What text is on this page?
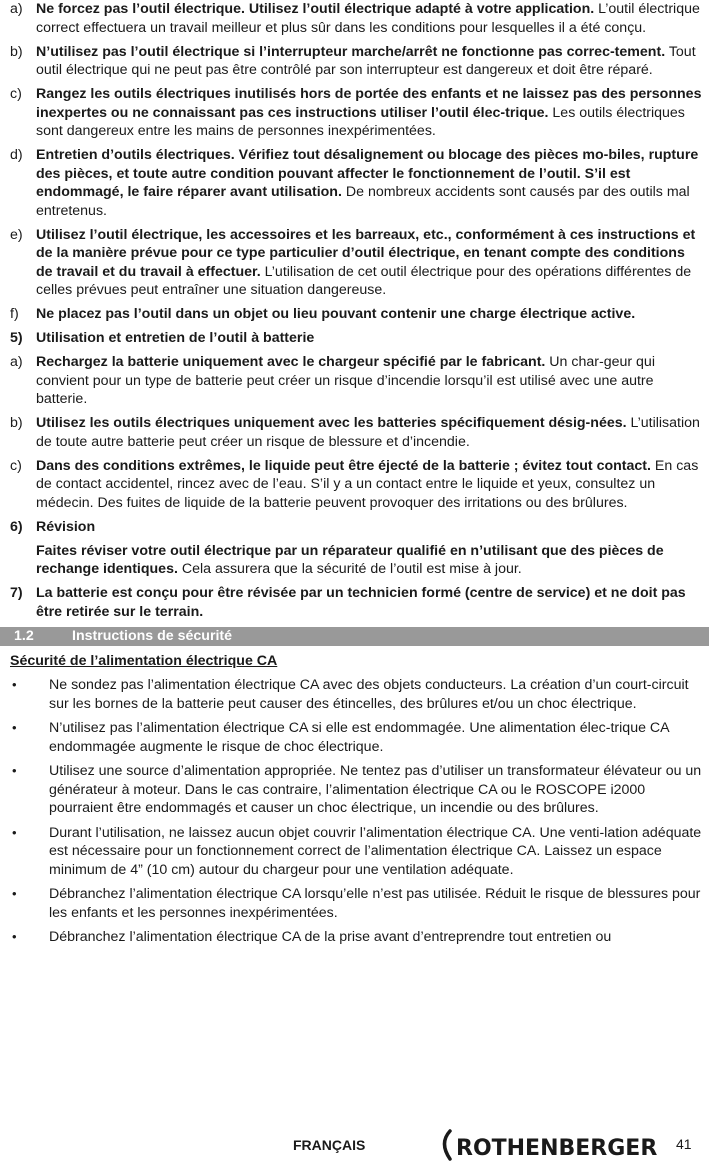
a) Ne forcez pas l’outil électrique. Utilisez l’outil électrique adapté à votre application. L’outil électrique correct effectuera un travail meilleur et plus sûr dans les conditions pour lesquelles il a été conçu.
b) N’utilisez pas l’outil électrique si l’interrupteur marche/arrêt ne fonctionne pas correc-tement. Tout outil électrique qui ne peut pas être contrôlé par son interrupteur est dangereux et doit être réparé.
c) Rangez les outils électriques inutilisés hors de portée des enfants et ne laissez pas des personnes inexpertes ou ne connaissant pas ces instructions utiliser l’outil élec-trique. Les outils électriques sont dangereux entre les mains de personnes inexpérimentées.
d) Entretien d’outils électriques. Vérifiez tout désalignement ou blocage des pièces mo-biles, rupture des pièces, et toute autre condition pouvant affecter le fonctionnement de l’outil. S’il est endommagé, le faire réparer avant utilisation. De nombreux accidents sont causés par des outils mal entretenus.
e) Utilisez l’outil électrique, les accessoires et les barreaux, etc., conformément à ces instructions et de la manière prévue pour ce type particulier d’outil électrique, en tenant compte des conditions de travail et du travail à effectuer. L’utilisation de cet outil électrique pour des opérations différentes de celles prévues peut entraîner une situation dangereuse.
f) Ne placez pas l’outil dans un objet ou lieu pouvant contenir une charge électrique active.
5) Utilisation et entretien de l’outil à batterie
a) Rechargez la batterie uniquement avec le chargeur spécifié par le fabricant. Un char-geur qui convient pour un type de batterie peut créer un risque d’incendie lorsqu’il est utilisé avec une autre batterie.
b) Utilisez les outils électriques uniquement avec les batteries spécifiquement désig-nées. L’utilisation de toute autre batterie peut créer un risque de blessure et d’incendie.
c) Dans des conditions extrêmes, le liquide peut être éjecté de la batterie ; évitez tout contact. En cas de contact accidentel, rincez avec de l’eau. S’il y a un contact entre le liquide et yeux, consultez un médecin. Des fuites de liquide de la batterie peuvent provoquer des irritations ou des brûlures.
6) Révision
Faites réviser votre outil électrique par un réparateur qualifié en n’utilisant que des pièces de rechange identiques. Cela assurera que la sécurité de l’outil est mise à jour.
7) La batterie est conçu pour être révisée par un technicien formé (centre de service) et ne doit pas être retirée sur le terrain.
1.2	Instructions de sécurité
Sécurité de l’alimentation électrique CA
• Ne sondez pas l’alimentation électrique CA avec des objets conducteurs. La création d’un court-circuit sur les bornes de la batterie peut causer des étincelles, des brûlures et/ou un choc électrique.
• N’utilisez pas l’alimentation électrique CA si elle est endommagée. Une alimentation élec-trique CA endommagée augmente le risque de choc électrique.
• Utilisez une source d’alimentation appropriée. Ne tentez pas d’utiliser un transformateur élévateur ou un générateur à moteur. Dans le cas contraire, l’alimentation électrique CA ou le ROSCOPE i2000 pourraient être endommagés et causer un choc électrique, un incendie ou des brûlures.
• Durant l’utilisation, ne laissez aucun objet couvrir l’alimentation électrique CA. Une venti-lation adéquate est nécessaire pour un fonctionnement correct de l’alimentation électrique CA. Laissez un espace minimum de 4” (10 cm) autour du chargeur pour une ventilation adéquate.
• Débranchez l’alimentation électrique CA lorsqu’elle n’est pas utilisée. Réduit le risque de blessures pour les enfants et les personnes inexpérimentées.
• Débranchez l’alimentation électrique CA de la prise avant d’entreprendre tout entretien ou
FRANÇAIS	ROTHENBERGER 41
